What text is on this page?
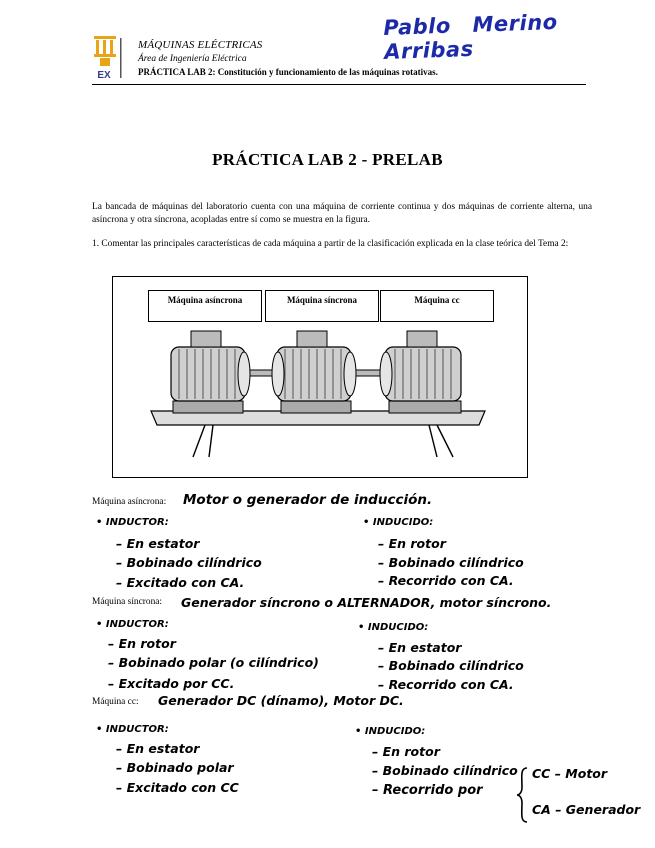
EX
MÁQUINAS ELÉCTRICAS
Área de Ingeniería Eléctrica
PRÁCTICA LAB 2: Constitución y funcionamiento de las máquinas rotativas.
Pablo Merino Arribas
PRÁCTICA LAB 2 - PRELAB
La bancada de máquinas del laboratorio cuenta con una máquina de corriente continua y dos máquinas de corriente alterna, una asíncrona y otra síncrona, acopladas entre sí como se muestra en la figura.
1. Comentar las principales características de cada máquina a partir de la clasificación explicada en la clase teórica del Tema 2:
Máquina asíncrona	Máquina síncrona	Máquina cc
Máquina asíncrona: Motor o generador de inducción.
• INDUCTOR:
– En estator
– Bobinado cilíndrico
– Excitado con CA.
• INDUCIDO:
– En rotor
– Bobinado cilíndrico
– Recorrido con CA.
Máquina síncrona: Generador síncrono o ALTERNADOR, motor síncrono.
• INDUCTOR:
– En rotor
– Bobinado polar (o cilíndrico)
– Excitado por CC.
• INDUCIDO:
– En estator
– Bobinado cilíndrico
– Recorrido con CA.
Máquina cc: Generador DC (dínamo), Motor DC.
• INDUCTOR:
– En estator
– Bobinado polar
– Excitado con CC
• INDUCIDO:
– En rotor
– Bobinado cilíndrico
– Recorrido por
CC – Motor
CA – Generador
